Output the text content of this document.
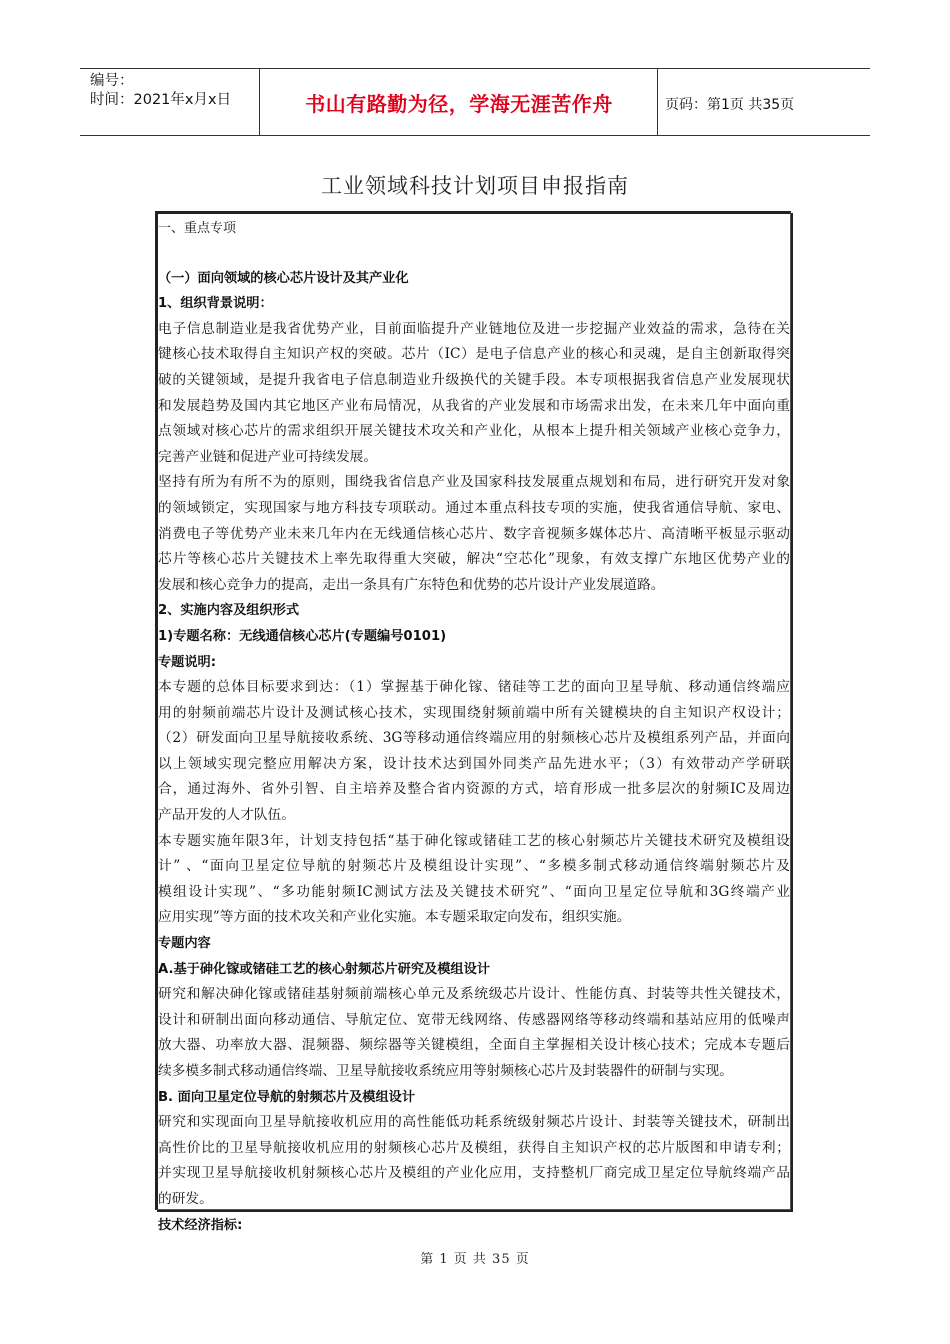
编号：
时间：2021年x月x日	书山有路勤为径，学海无涯苦作舟	页码：第1页 共35页
工业领域科技计划项目申报指南
一、重点专项
（一）面向领域的核心芯片设计及其产业化
1、组织背景说明：
电子信息制造业是我省优势产业，目前面临提升产业链地位及进一步挖掘产业效益的需求，急待在关
键核心技术取得自主知识产权的突破。芯片（IC）是电子信息产业的核心和灵魂，是自主创新取得突
破的关键领域，是提升我省电子信息制造业升级换代的关键手段。本专项根据我省信息产业发展现状
和发展趋势及国内其它地区产业布局情况，从我省的产业发展和市场需求出发，在未来几年中面向重
点领域对核心芯片的需求组织开展关键技术攻关和产业化，从根本上提升相关领域产业核心竞争力，
完善产业链和促进产业可持续发展。
坚持有所为有所不为的原则，围绕我省信息产业及国家科技发展重点规划和布局，进行研究开发对象
的领域锁定，实现国家与地方科技专项联动。通过本重点科技专项的实施，使我省通信导航、家电、
消费电子等优势产业未来几年内在无线通信核心芯片、数字音视频多媒体芯片、高清晰平板显示驱动
芯片等核心芯片关键技术上率先取得重大突破，解决“空芯化”现象，有效支撑广东地区优势产业的
发展和核心竞争力的提高，走出一条具有广东特色和优势的芯片设计产业发展道路。
2、实施内容及组织形式
1)专题名称：无线通信核心芯片(专题编号0101)
专题说明:
本专题的总体目标要求到达：（1）掌握基于砷化镓、锗硅等工艺的面向卫星导航、移动通信终端应
用的射频前端芯片设计及测试核心技术，实现围绕射频前端中所有关键模块的自主知识产权设计；
（2）研发面向卫星导航接收系统、3G等移动通信终端应用的射频核心芯片及模组系列产品，并面向
以上领域实现完整应用解决方案，设计技术达到国外同类产品先进水平；（3）有效带动产学研联
合，通过海外、省外引智、自主培养及整合省内资源的方式，培育形成一批多层次的射频IC及周边
产品开发的人才队伍。
本专题实施年限3年，计划支持包括“基于砷化镓或锗硅工艺的核心射频芯片关键技术研究及模组设
计” 、“面向卫星定位导航的射频芯片及模组设计实现”、“多模多制式移动通信终端射频芯片及
模组设计实现”、“多功能射频IC测试方法及关键技术研究”、“面向卫星定位导航和3G终端产业
应用实现”等方面的技术攻关和产业化实施。本专题采取定向发布，组织实施。
专题内容
A.基于砷化镓或锗硅工艺的核心射频芯片研究及模组设计
研究和解决砷化镓或锗硅基射频前端核心单元及系统级芯片设计、性能仿真、封装等共性关键技术，
设计和研制出面向移动通信、导航定位、宽带无线网络、传感器网络等移动终端和基站应用的低噪声
放大器、功率放大器、混频器、频综器等关键模组，全面自主掌握相关设计核心技术；完成本专题后
续多模多制式移动通信终端、卫星导航接收系统应用等射频核心芯片及封装器件的研制与实现。
B. 面向卫星定位导航的射频芯片及模组设计
研究和实现面向卫星导航接收机应用的高性能低功耗系统级射频芯片设计、封装等关键技术，研制出
高性价比的卫星导航接收机应用的射频核心芯片及模组，获得自主知识产权的芯片版图和申请专利；
并实现卫星导航接收机射频核心芯片及模组的产业化应用，支持整机厂商完成卫星定位导航终端产品
的研发。
技术经济指标:
第 1 页 共 35 页
